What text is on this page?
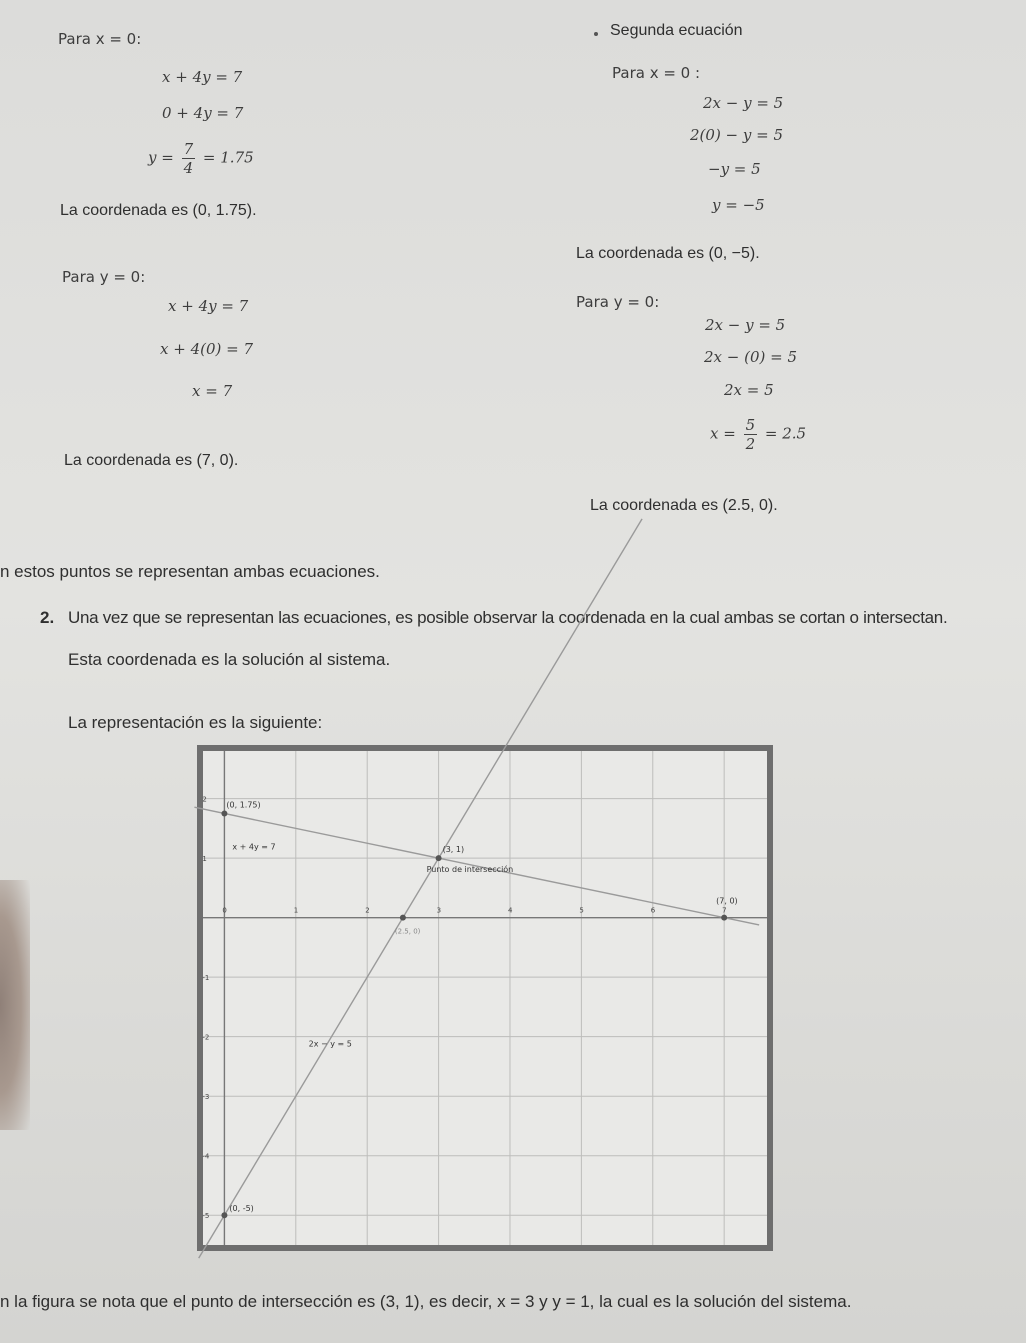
Para x = 0:
x + 4y = 7
0 + 4y = 7
$y = \frac{7}{4} = 1.75$
La coordenada es (0, 1.75).
Para y = 0:
x + 4y = 7
x + 4(0) = 7
x = 7
La coordenada es (7, 0).
Segunda ecuación
Para x = 0 :
2x − y = 5
2(0) − y = 5
−y = 5
y = −5
La coordenada es (0, −5).
Para y = 0:
2x − y = 5
2x − (0) = 5
2x = 5
$x = \frac{5}{2} = 2.5$
La coordenada es (2.5, 0).
n estos puntos se representan ambas ecuaciones.
2. Una vez que se representan las ecuaciones, es posible observar la coordenada en la cual ambas se cortan o intersectan.
Esta coordenada es la solución al sistema.
La representación es la siguiente:
0	1	2	3	4	5	6	7
2
1
-1
-2
-3
-4
-5
(0, 1.75)
(3, 1)
(7, 0)
(2.5, 0)
(0, -5)
Punto de intersección
x + 4y = 7
2x − y = 5
n la figura se nota que el punto de intersección es (3, 1), es decir, x = 3 y y = 1, la cual es la solución del sistema.
